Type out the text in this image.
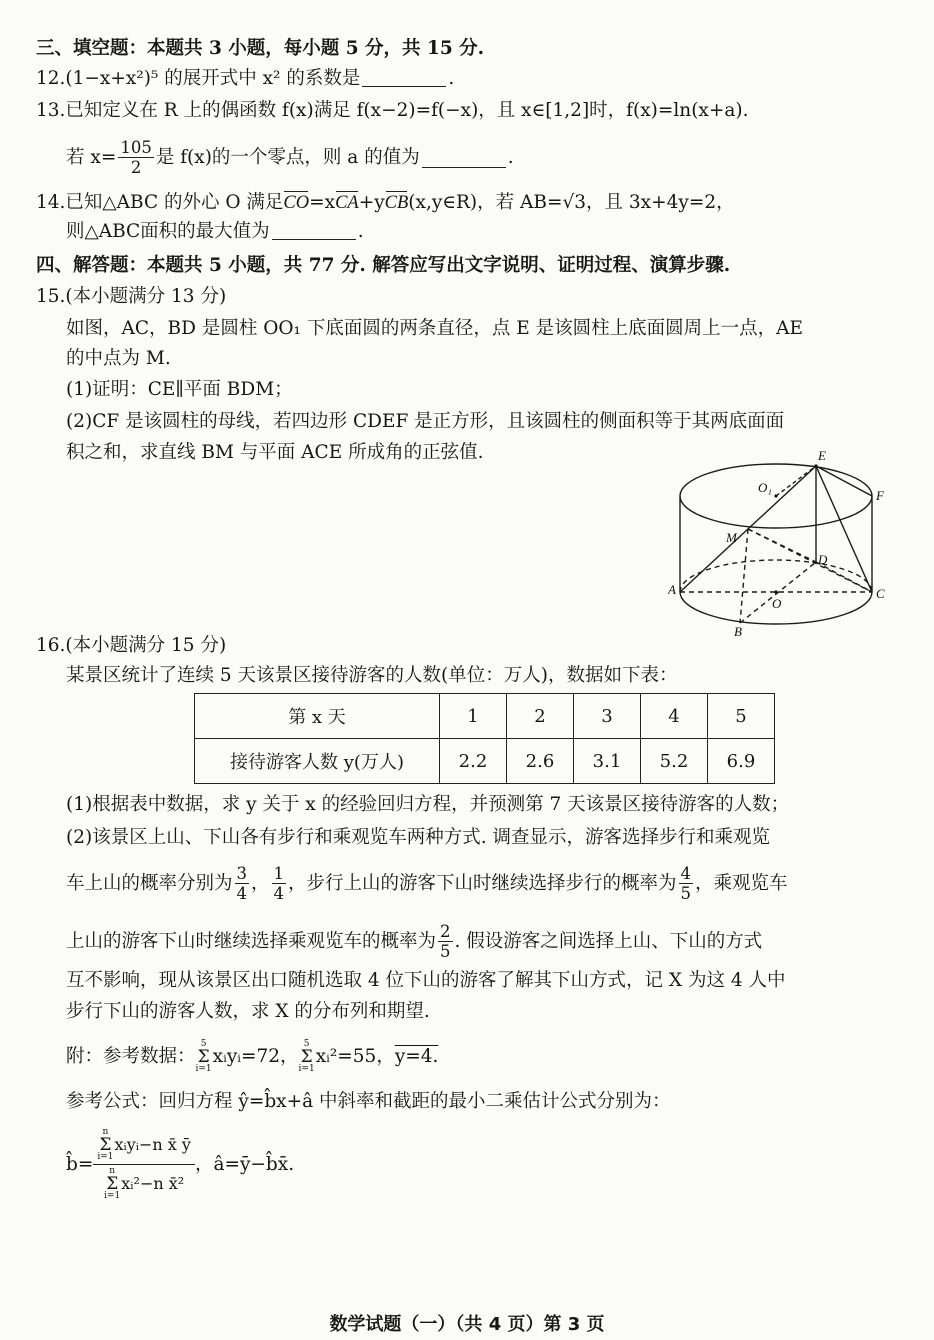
三、填空题：本题共 3 小题，每小题 5 分，共 15 分.
12.(1−x+x²)⁵ 的展开式中 x² 的系数是	.
13.已知定义在 R 上的偶函数 f(x)满足 f(x−2)=f(−x)，且 x∈[1,2]时，f(x)=ln(x+a).
若 $x= \frac{105}{2}$ 是 f(x)的一个零点，则 a 的值为	.
14.已知△ABC 的外心 O 满足CO=xCA+yCB(x,y∈R)，若 AB=√3，且 3x+4y=2，
则△ABC面积的最大值为	.
四、解答题：本题共 5 小题，共 77 分. 解答应写出文字说明、证明过程、演算步骤.
15.(本小题满分 13 分)
如图，AC，BD 是圆柱 OO₁ 下底面圆的两条直径，点 E 是该圆柱上底面圆周上一点，AE
的中点为 M.
(1)证明：CE∥平面 BDM；
(2)CF 是该圆柱的母线，若四边形 CDEF 是正方形，且该圆柱的侧面积等于其两底面面
积之和，求直线 BM 与平面 ACE 所成角的正弦值.	E
O₁
F
M
D
A
O
C
B
16.(本小题满分 15 分)
某景区统计了连续 5 天该景区接待游客的人数(单位：万人)，数据如下表：
第 x 天	1	2	3	4	5
接待游客人数 y(万人)	2.2	2.6	3.1	5.2	6.9
(1)根据表中数据，求 y 关于 x 的经验回归方程，并预测第 7 天该景区接待游客的人数；
(2)该景区上山、下山各有步行和乘观览车两种方式. 调查显示，游客选择步行和乘观览
车上山的概率分别为 $\frac{3}{4}$ ， $\frac{1}{4}$ ，步行上山的游客下山时继续选择步行的概率为 $\frac{4}{5}$ ，乘观览车
上山的游客下山时继续选择乘观览车的概率为 $\frac{2}{5}$ . 假设游客之间选择上山、下山的方式
互不影响，现从该景区出口随机选取 4 位下山的游客了解其下山方式，记 X 为这 4 人中
步行下山的游客人数，求 X 的分布列和期望.
附：参考数据：
5
Σ
i=1
xᵢyᵢ=72，
5
Σ
i=1
xᵢ²=55， y=4.
参考公式：回归方程 ŷ=b̂x+â 中斜率和截距的最小二乘估计公式分别为：
b̂=
n
Σ
i=1
xᵢyᵢ−n x̄ ȳ
n
Σ
i=1
xᵢ²−n x̄²
，â=ȳ−b̂x̄.
数学试题（一）（共 4 页）第 3 页
